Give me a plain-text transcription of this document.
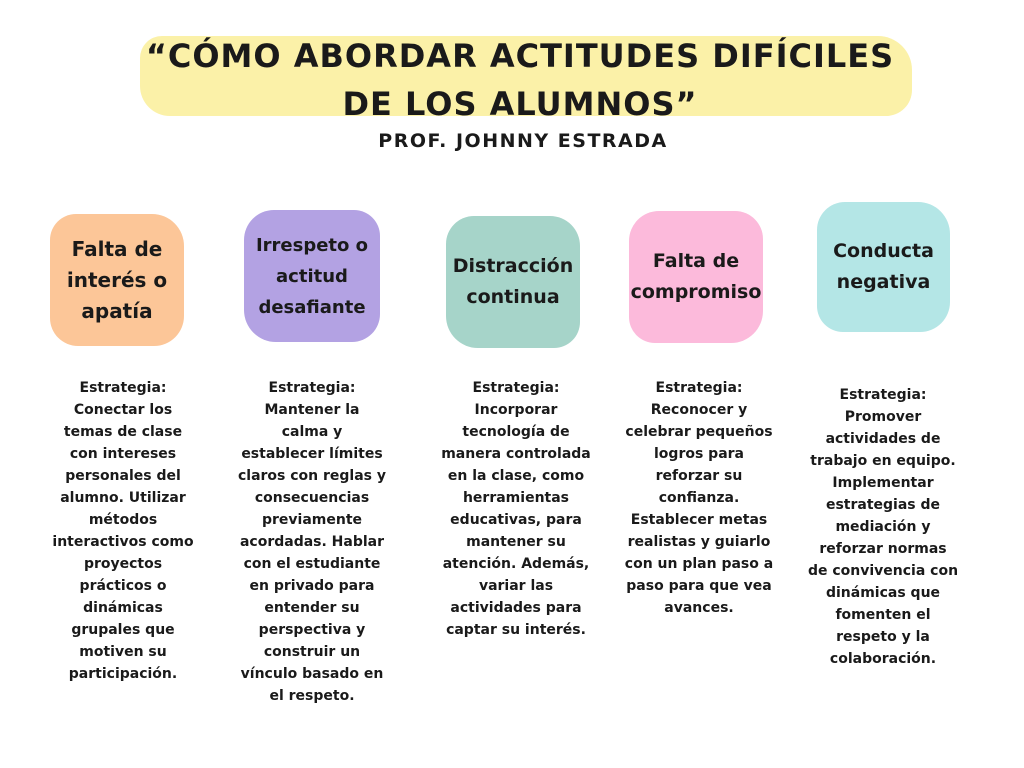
“CÓMO ABORDAR ACTITUDES DIFÍCILES DE LOS ALUMNOS”
PROF. JOHNNY ESTRADA
Falta de
interés o
apatía
Irrespeto o
actitud
desafiante
Distracción
continua
Falta de
compromiso
Conducta
negativa
Estrategia:
Conectar los
temas de clase
con intereses
personales del
alumno. Utilizar
métodos
interactivos como
proyectos
prácticos o
dinámicas
grupales que
motiven su
participación.
Estrategia:
Mantener la
calma y
establecer límites
claros con reglas y
consecuencias
previamente
acordadas. Hablar
con el estudiante
en privado para
entender su
perspectiva y
construir un
vínculo basado en
el respeto.
Estrategia:
Incorporar
tecnología de
manera controlada
en la clase, como
herramientas
educativas, para
mantener su
atención. Además,
variar las
actividades para
captar su interés.
Estrategia:
Reconocer y
celebrar pequeños
logros para
reforzar su
confianza.
Establecer metas
realistas y guiarlo
con un plan paso a
paso para que vea
avances.
Estrategia:
Promover
actividades de
trabajo en equipo.
Implementar
estrategias de
mediación y
reforzar normas
de convivencia con
dinámicas que
fomenten el
respeto y la
colaboración.
